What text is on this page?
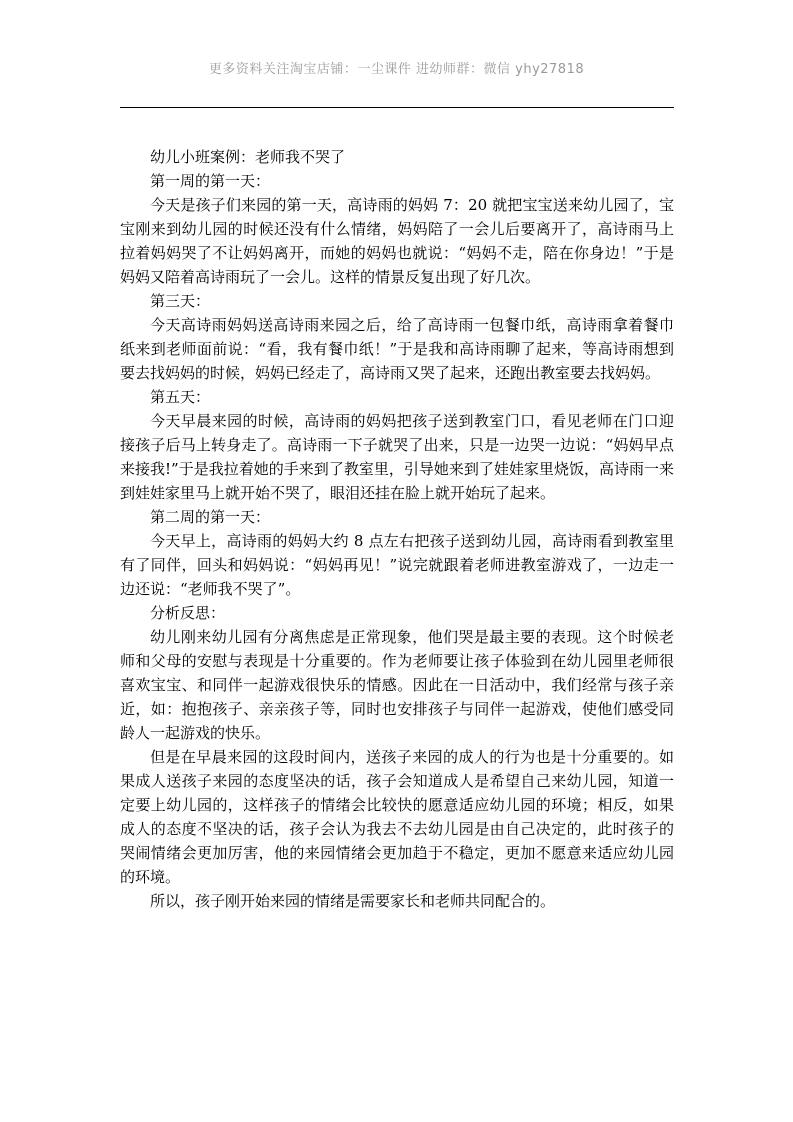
更多资料关注淘宝店铺：一尘课件 进幼师群：微信 yhy27818

幼儿小班案例：老师我不哭了

第一周的第一天：

今天是孩子们来园的第一天，高诗雨的妈妈 7：20 就把宝宝送来幼儿园了，宝宝刚来到幼儿园的时候还没有什么情绪，妈妈陪了一会儿后要离开了，高诗雨马上拉着妈妈哭了不让妈妈离开，而她的妈妈也就说：“妈妈不走，陪在你身边！”于是妈妈又陪着高诗雨玩了一会儿。这样的情景反复出现了好几次。

第三天：

今天高诗雨妈妈送高诗雨来园之后，给了高诗雨一包餐巾纸，高诗雨拿着餐巾纸来到老师面前说：“看，我有餐巾纸！”于是我和高诗雨聊了起来，等高诗雨想到要去找妈妈的时候，妈妈已经走了，高诗雨又哭了起来，还跑出教室要去找妈妈。

第五天：

今天早晨来园的时候，高诗雨的妈妈把孩子送到教室门口，看见老师在门口迎接孩子后马上转身走了。高诗雨一下子就哭了出来，只是一边哭一边说：“妈妈早点来接我!”于是我拉着她的手来到了教室里，引导她来到了娃娃家里烧饭，高诗雨一来到娃娃家里马上就开始不哭了，眼泪还挂在脸上就开始玩了起来。

第二周的第一天：

今天早上，高诗雨的妈妈大约 8 点左右把孩子送到幼儿园，高诗雨看到教室里有了同伴，回头和妈妈说：“妈妈再见！”说完就跟着老师进教室游戏了，一边走一边还说：“老师我不哭了”。

分析反思：

幼儿刚来幼儿园有分离焦虑是正常现象，他们哭是最主要的表现。这个时候老师和父母的安慰与表现是十分重要的。作为老师要让孩子体验到在幼儿园里老师很喜欢宝宝、和同伴一起游戏很快乐的情感。因此在一日活动中，我们经常与孩子亲近，如：抱抱孩子、亲亲孩子等，同时也安排孩子与同伴一起游戏，使他们感受同龄人一起游戏的快乐。

但是在早晨来园的这段时间内，送孩子来园的成人的行为也是十分重要的。如果成人送孩子来园的态度坚决的话，孩子会知道成人是希望自己来幼儿园，知道一定要上幼儿园的，这样孩子的情绪会比较快的愿意适应幼儿园的环境；相反，如果成人的态度不坚决的话，孩子会认为我去不去幼儿园是由自己决定的，此时孩子的哭闹情绪会更加厉害，他的来园情绪会更加趋于不稳定，更加不愿意来适应幼儿园的环境。

所以，孩子刚开始来园的情绪是需要家长和老师共同配合的。
